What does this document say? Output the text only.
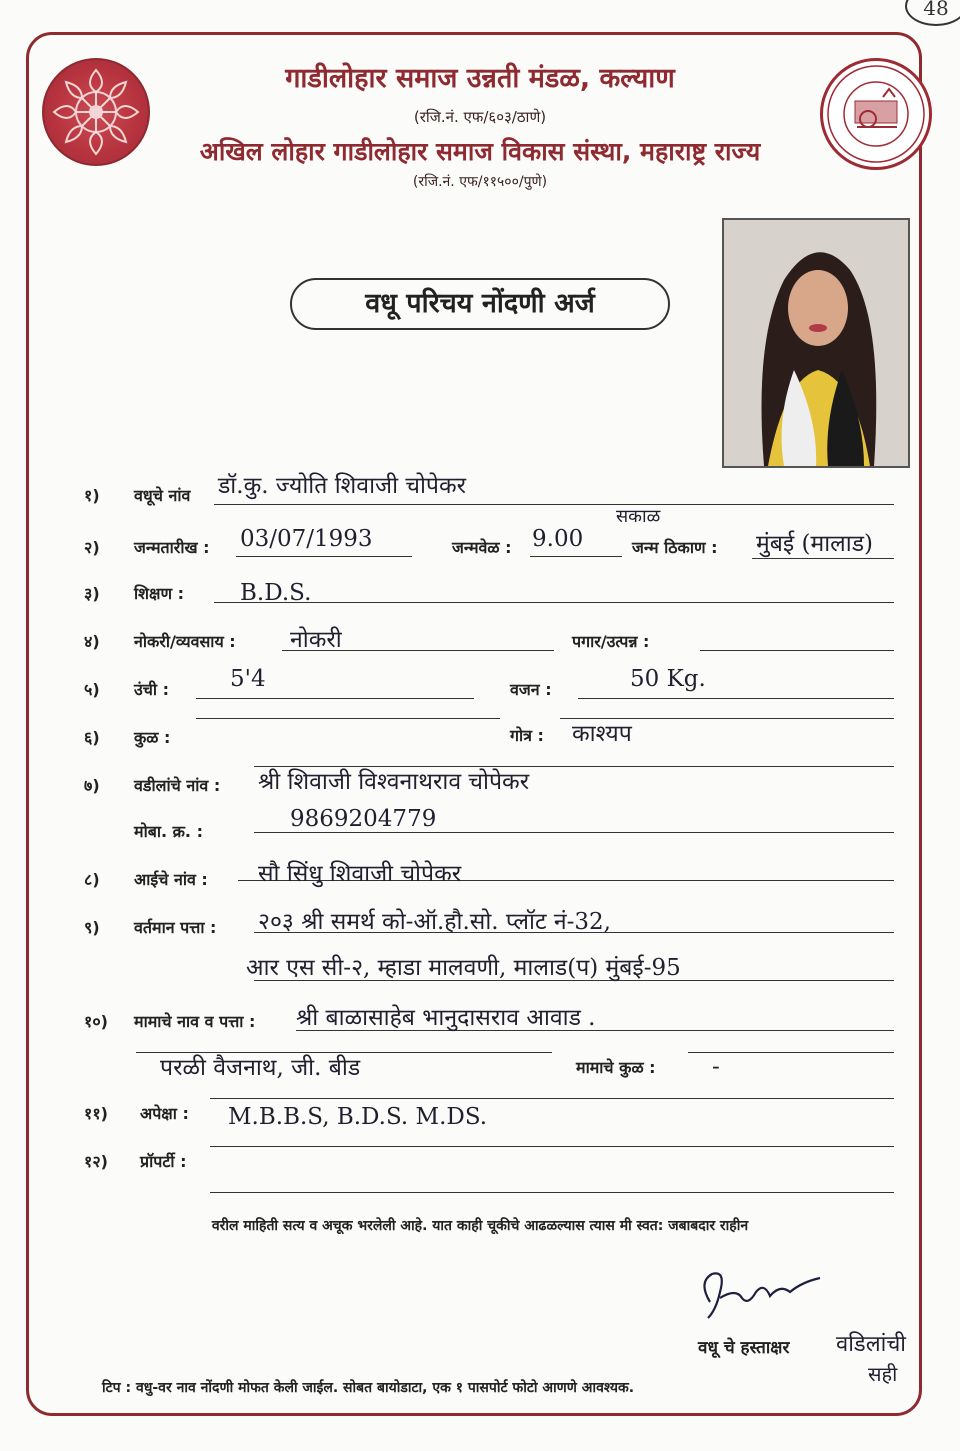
48
गाडीलोहार समाज उन्नती मंडळ, कल्याण
(रजि.नं. एफ/६०३/ठाणे)
अखिल लोहार गाडीलोहार समाज विकास संस्था, महाराष्ट्र राज्य
(रजि.नं. एफ/११५००/पुणे)
वधू परिचय नोंदणी अर्ज
१) वधूचे नांव डॉ.कु. ज्योति शिवाजी चोपेकर
२) जन्मतारीख : 03/07/1993	जन्मवेळ : 9.00
सकाळ
जन्म ठिकाण : मुंबई (मालाड)
३) शिक्षण : B.D.S.
४) नोकरी/व्यवसाय : नोकरी	पगार/उत्पन्न :
५) उंची :	5'4	वजन :	50 Kg.
६) कुळ :	गोत्र : काश्यप
७) वडीलांचे नांव : श्री शिवाजी विश्वनाथराव चोपेकर
मोबा. क्र. :	9869204779
८) आईचे नांव : सौ सिंधु शिवाजी चोपेकर
९) वर्तमान पत्ता : २०३ श्री समर्थ को-ऑ.हौ.सो. प्लॉट नं-32,
आर एस सी-२, म्हाडा मालवणी, मालाड(प) मुंबई-95
१०) मामाचे नाव व पत्ता : श्री बाळासाहेब भानुदासराव आवाड .
परळी वैजनाथ, जी. बीड	मामाचे कुळ : -
११) अपेक्षा : M.B.B.S, B.D.S. M.DS.
१२) प्रॉपर्टी :
वरील माहिती सत्य व अचूक भरलेली आहे. यात काही चूकीचे आढळल्यास त्यास मी स्वत: जबाबदार राहीन
वधू चे हस्ताक्षर वडिलांची
सही
टिप : वधु-वर नाव नोंदणी मोफत केली जाईल. सोबत बायोडाटा, एक १ पासपोर्ट फोटो आणणे आवश्यक.
